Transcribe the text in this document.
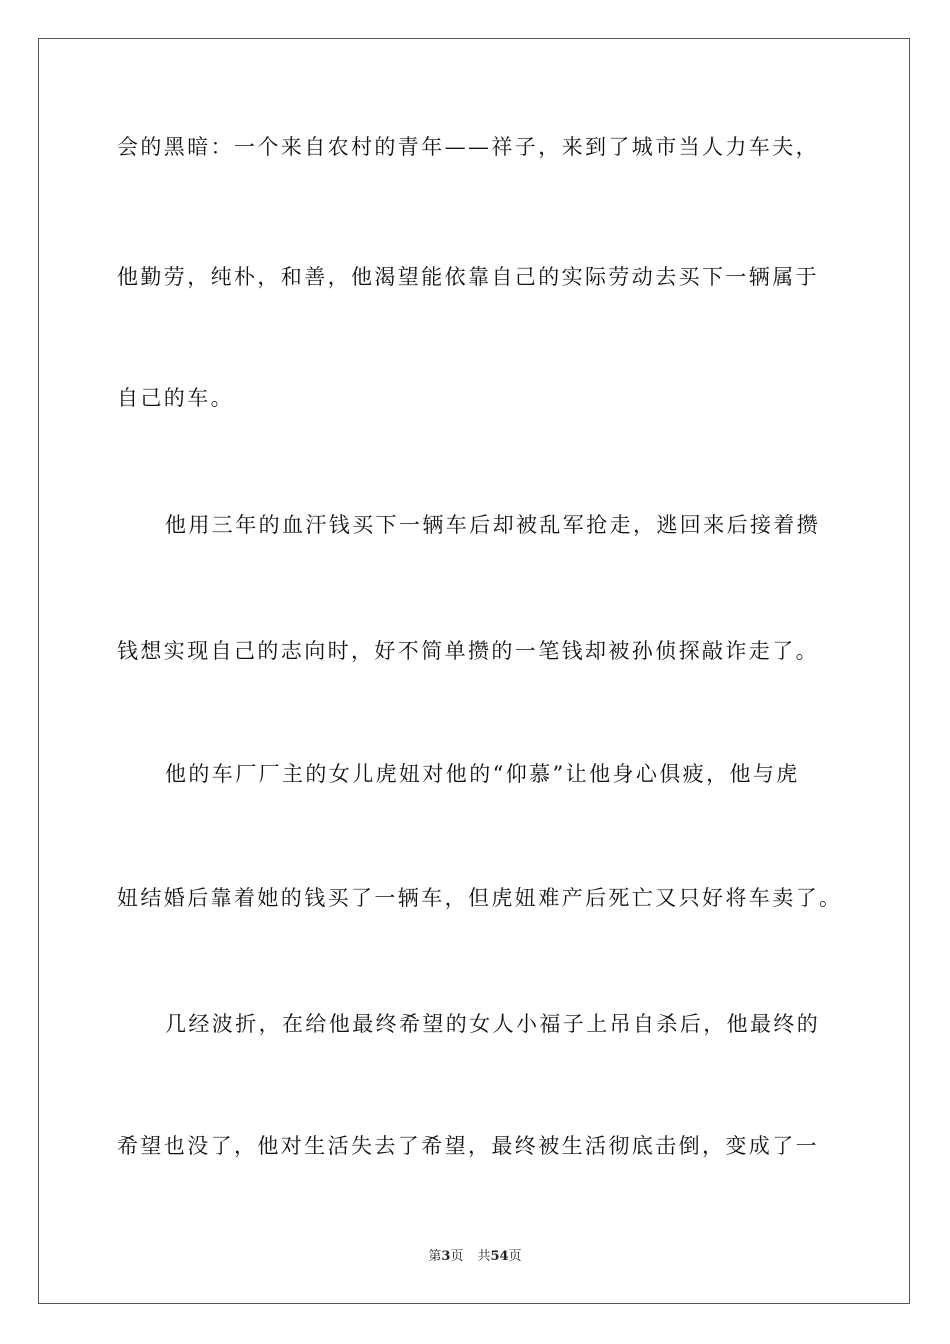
会的黑暗：一个来自农村的青年——祥子，来到了城市当人力车夫，
他勤劳，纯朴，和善，他渴望能依靠自己的实际劳动去买下一辆属于
自己的车。
他用三年的血汗钱买下一辆车后却被乱军抢走，逃回来后接着攒
钱想实现自己的志向时，好不简单攒的一笔钱却被孙侦探敲诈走了。
他的车厂厂主的女儿虎妞对他的“仰慕”让他身心俱疲，他与虎
妞结婚后靠着她的钱买了一辆车，但虎妞难产后死亡又只好将车卖了。
几经波折，在给他最终希望的女人小福子上吊自杀后，他最终的
希望也没了，他对生活失去了希望，最终被生活彻底击倒，变成了一
第3页 共54页
